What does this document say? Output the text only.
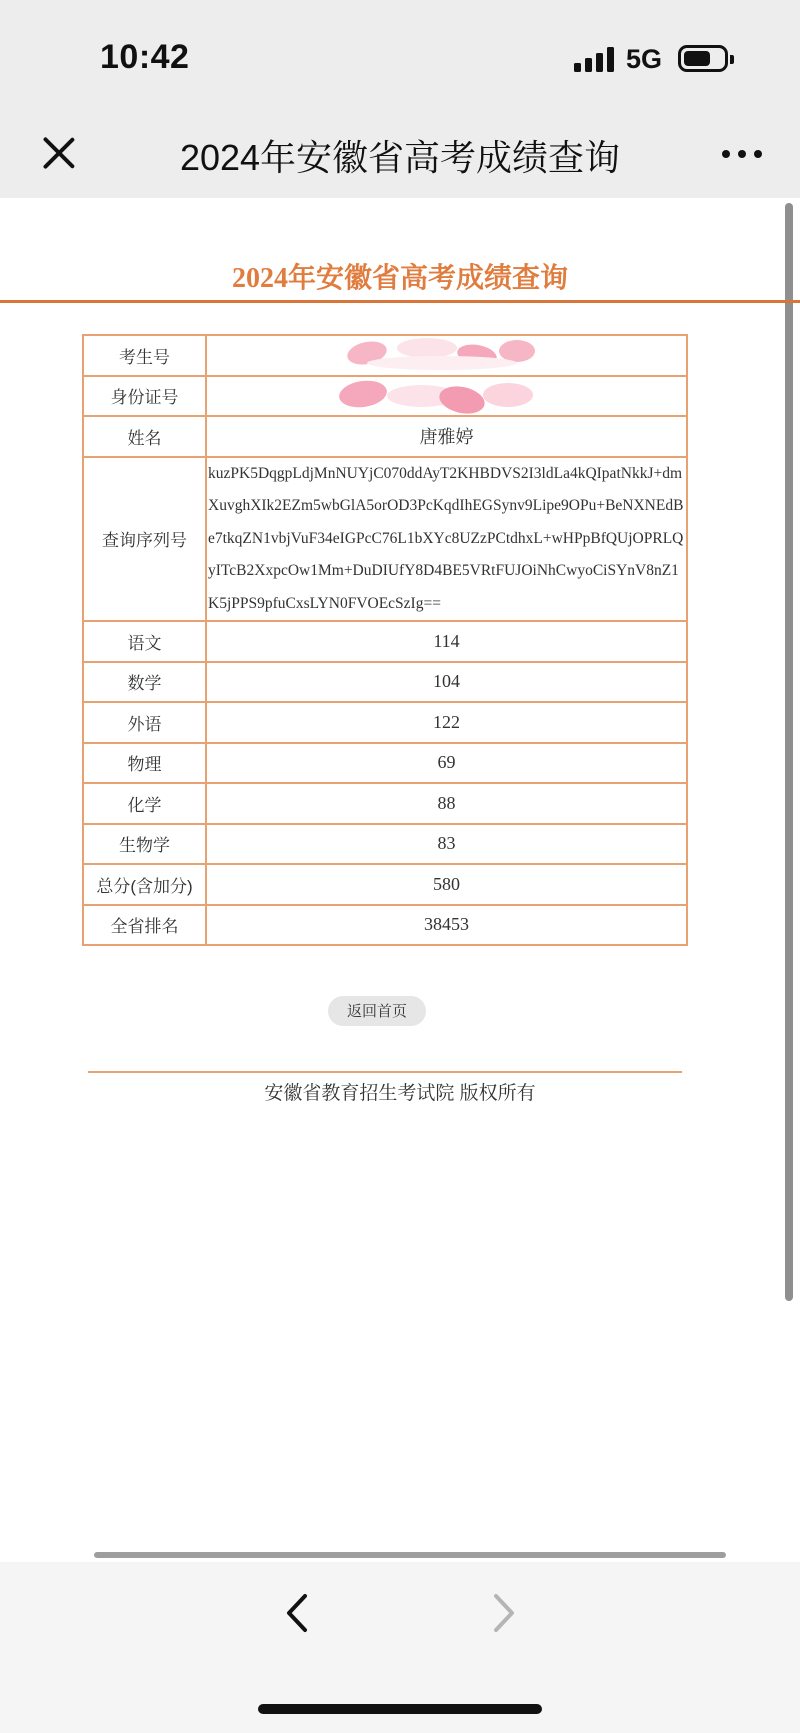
10:42	5G
2024年安徽省高考成绩查询
2024年安徽省高考成绩查询
考生号	

身份证号	

姓名	唐雅婷
查询序列号	kuzPK5DqgpLdjMnNUYjC070ddAyT2KHBDVS2I3ldLa4kQIpatNkkJ+dmXuvghXIk2EZm5wbGlA5orOD3PcKqdIhEGSynv9Lipe9OPu+BeNXNEdBe7tkqZN1vbjVuF34eIGPcC76L1bXYc8UZzPCtdhxL+wHPpBfQUjOPRLQyITcB2XxpcOw1Mm+DuDIUfY8D4BE5VRtFUJOiNhCwyoCiSYnV8nZ1K5jPPS9pfuCxsLYN0FVOEcSzIg==
语文	114
数学	104
外语	122
物理	69
化学	88
生物学	83
总分(含加分)	580
全省排名	38453
返回首页
安徽省教育招生考试院 版权所有
